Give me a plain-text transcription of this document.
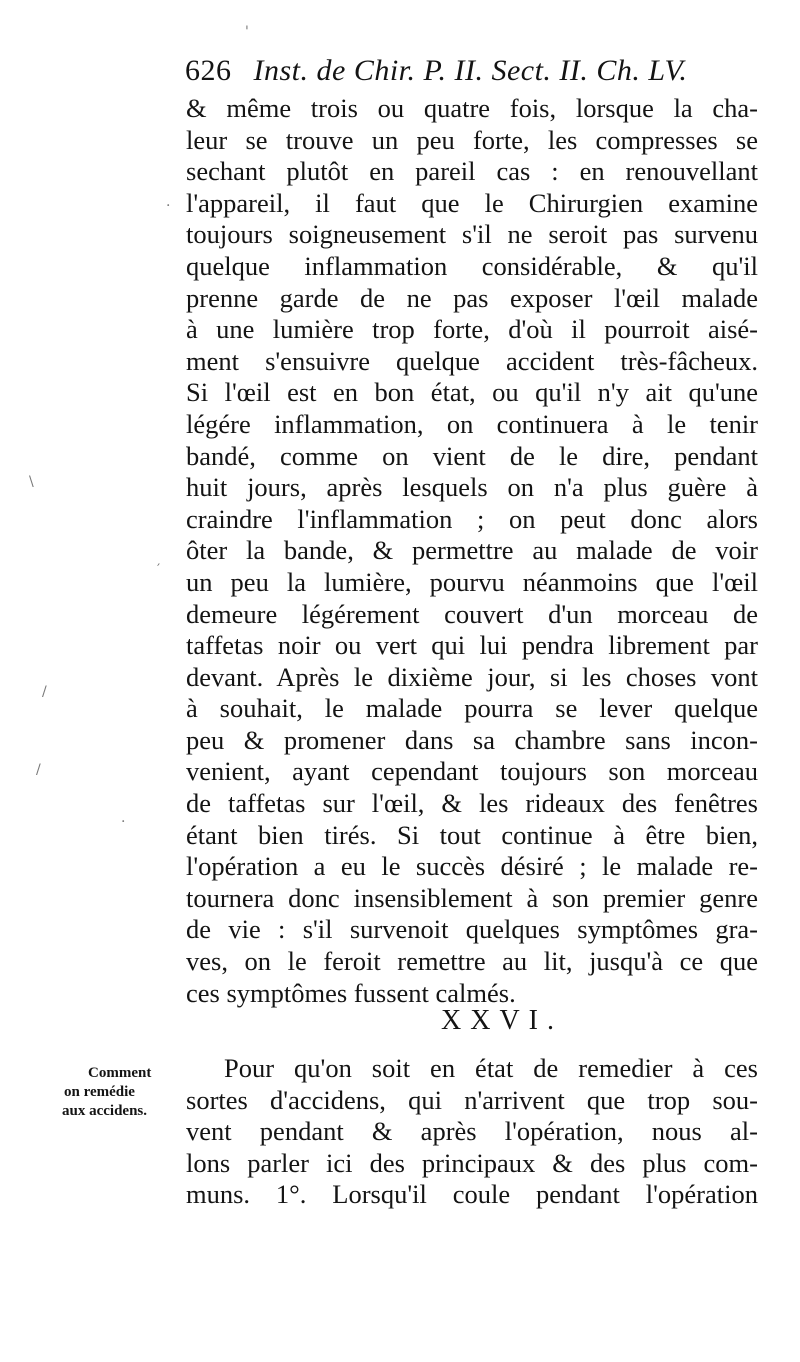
626 Inst. de Chir. P. II. Sect. II. Ch. LV.
& même trois ou quatre fois, lorsque la cha-
leur se trouve un peu forte, les compresses se
sechant plutôt en pareil cas : en renouvellant
l'appareil, il faut que le Chirurgien examine
toujours soigneusement s'il ne seroit pas survenu
quelque inflammation considérable, & qu'il
prenne garde de ne pas exposer l'œil malade
à une lumière trop forte, d'où il pourroit aisé-
ment s'ensuivre quelque accident très-fâcheux.
Si l'œil est en bon état, ou qu'il n'y ait qu'une
légére inflammation, on continuera à le tenir
bandé, comme on vient de le dire, pendant
huit jours, après lesquels on n'a plus guère à
craindre l'inflammation ; on peut donc alors
ôter la bande, & permettre au malade de voir
un peu la lumière, pourvu néanmoins que l'œil
demeure légérement couvert d'un morceau de
taffetas noir ou vert qui lui pendra librement par
devant. Après le dixième jour, si les choses vont
à souhait, le malade pourra se lever quelque
peu & promener dans sa chambre sans incon-
venient, ayant cependant toujours son morceau
de taffetas sur l'œil, & les rideaux des fenêtres
étant bien tirés. Si tout continue à être bien,
l'opération a eu le succès désiré ; le malade re-
tournera donc insensiblement à son premier genre
de vie : s'il survenoit quelques symptômes gra-
ves, on le feroit remettre au lit, jusqu'à ce que
ces symptômes fussent calmés.
XXVI.
Comment
on remédie
aux accidens.
Pour qu'on soit en état de remedier à ces
sortes d'accidens, qui n'arrivent que trop sou-
vent pendant & après l'opération, nous al-
lons parler ici des principaux & des plus com-
muns. 1°. Lorsqu'il coule pendant l'opération
'
·
\
′
/
/
·
